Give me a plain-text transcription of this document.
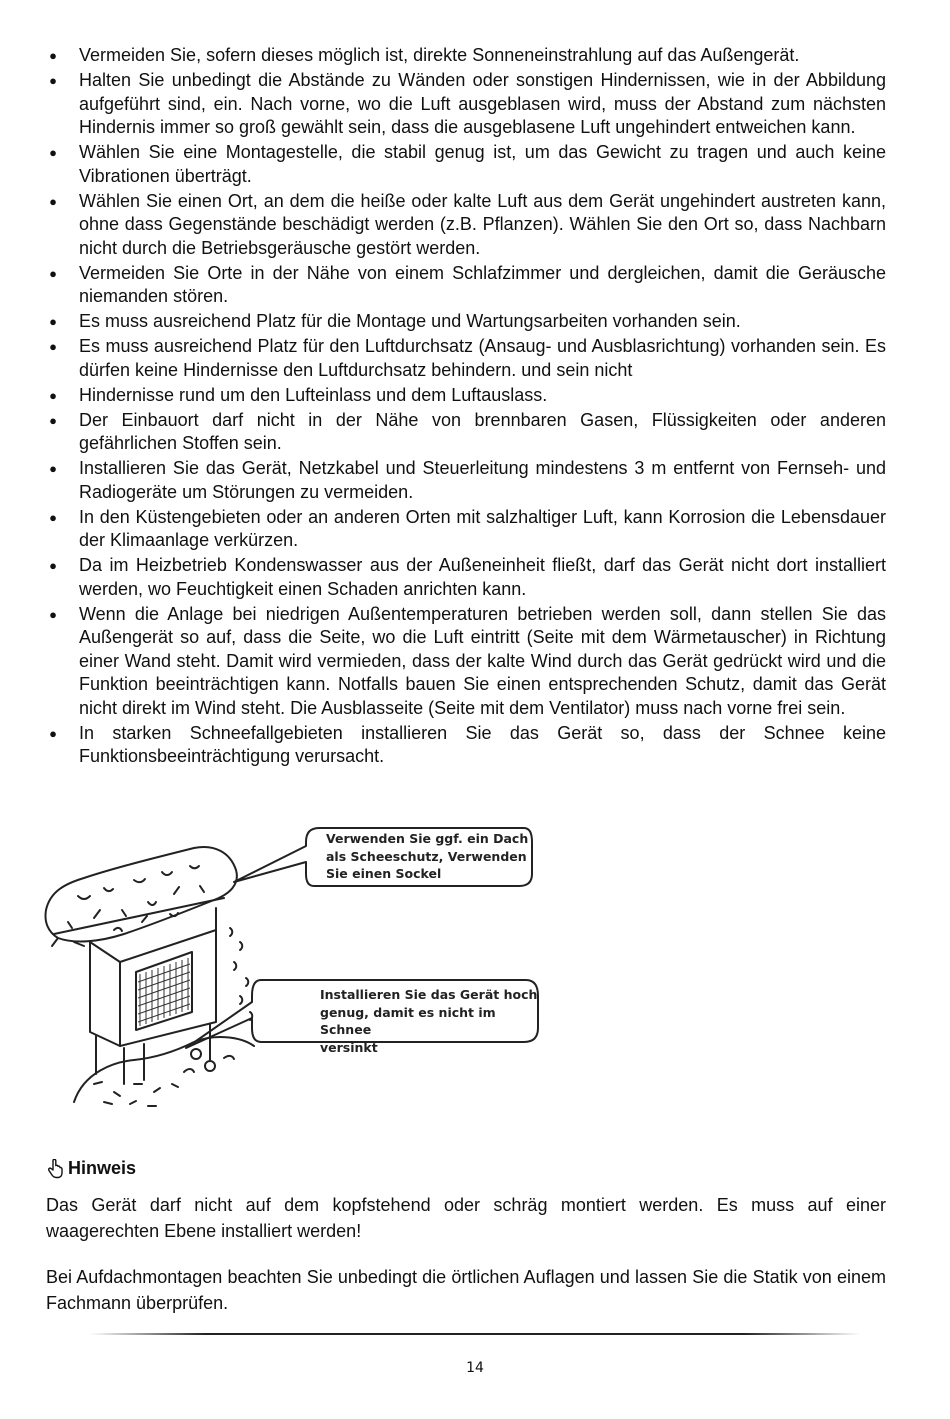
● Vermeiden Sie, sofern dieses möglich ist, direkte Sonneneinstrahlung auf das Außengerät.
● Halten Sie unbedingt die Abstände zu Wänden oder sonstigen Hindernissen, wie in der Abbildung aufgeführt sind, ein. Nach vorne, wo die Luft ausgeblasen wird, muss der Abstand zum nächsten Hindernis immer so groß gewählt sein, dass die ausgeblasene Luft ungehindert entweichen kann.
● Wählen Sie eine Montagestelle, die stabil genug ist, um das Gewicht zu tragen und auch keine Vibrationen überträgt.
● Wählen Sie einen Ort, an dem die heiße oder kalte Luft aus dem Gerät ungehindert austreten kann, ohne dass Gegenstände beschädigt werden (z.B. Pflanzen). Wählen Sie den Ort so, dass Nachbarn nicht durch die Betriebsgeräusche gestört werden.
● Vermeiden Sie Orte in der Nähe von einem Schlafzimmer und dergleichen, damit die Geräusche niemanden stören.
● Es muss ausreichend Platz für die Montage und Wartungsarbeiten vorhanden sein.
● Es muss ausreichend Platz für den Luftdurchsatz (Ansaug- und Ausblasrichtung) vorhanden sein. Es dürfen keine Hindernisse den Luftdurchsatz behindern. und sein nicht
● Hindernisse rund um den Lufteinlass und dem Luftauslass.
● Der Einbauort darf nicht in der Nähe von brennbaren Gasen, Flüssigkeiten oder anderen gefährlichen Stoffen sein.
● Installieren Sie das Gerät, Netzkabel und Steuerleitung mindestens 3 m entfernt von Fernseh- und Radiogeräte um Störungen zu vermeiden.
● In den Küstengebieten oder an anderen Orten mit salzhaltiger Luft, kann Korrosion die Lebensdauer der Klimaanlage verkürzen.
● Da im Heizbetrieb Kondenswasser aus der Außeneinheit fließt, darf das Gerät nicht dort installiert werden, wo Feuchtigkeit einen Schaden anrichten kann.
● Wenn die Anlage bei niedrigen Außentemperaturen betrieben werden soll, dann stellen Sie das Außengerät so auf, dass die Seite, wo die Luft eintritt (Seite mit dem Wärmetauscher) in Richtung einer Wand steht. Damit wird vermieden, dass der kalte Wind durch das Gerät gedrückt wird und die Funktion beeinträchtigen kann. Notfalls bauen Sie einen entsprechenden Schutz, damit das Gerät nicht direkt im Wind steht. Die Ausblasseite (Seite mit dem Ventilator) muss nach vorne frei sein.
● In starken Schneefallgebieten installieren Sie das Gerät so, dass der Schnee keine Funktionsbeeinträchtigung verursacht.
Verwenden Sie ggf. ein Dach
als Scheeschutz, Verwenden
Sie einen Sockel
Installieren Sie das Gerät hoch
genug, damit es nicht im Schnee
versinkt
Hinweis

Das Gerät darf nicht auf dem kopfstehend oder schräg montiert werden. Es muss auf einer waagerechten Ebene installiert werden!

Bei Aufdachmontagen beachten Sie unbedingt die örtlichen Auflagen und lassen Sie die Statik von einem Fachmann überprüfen.

14
